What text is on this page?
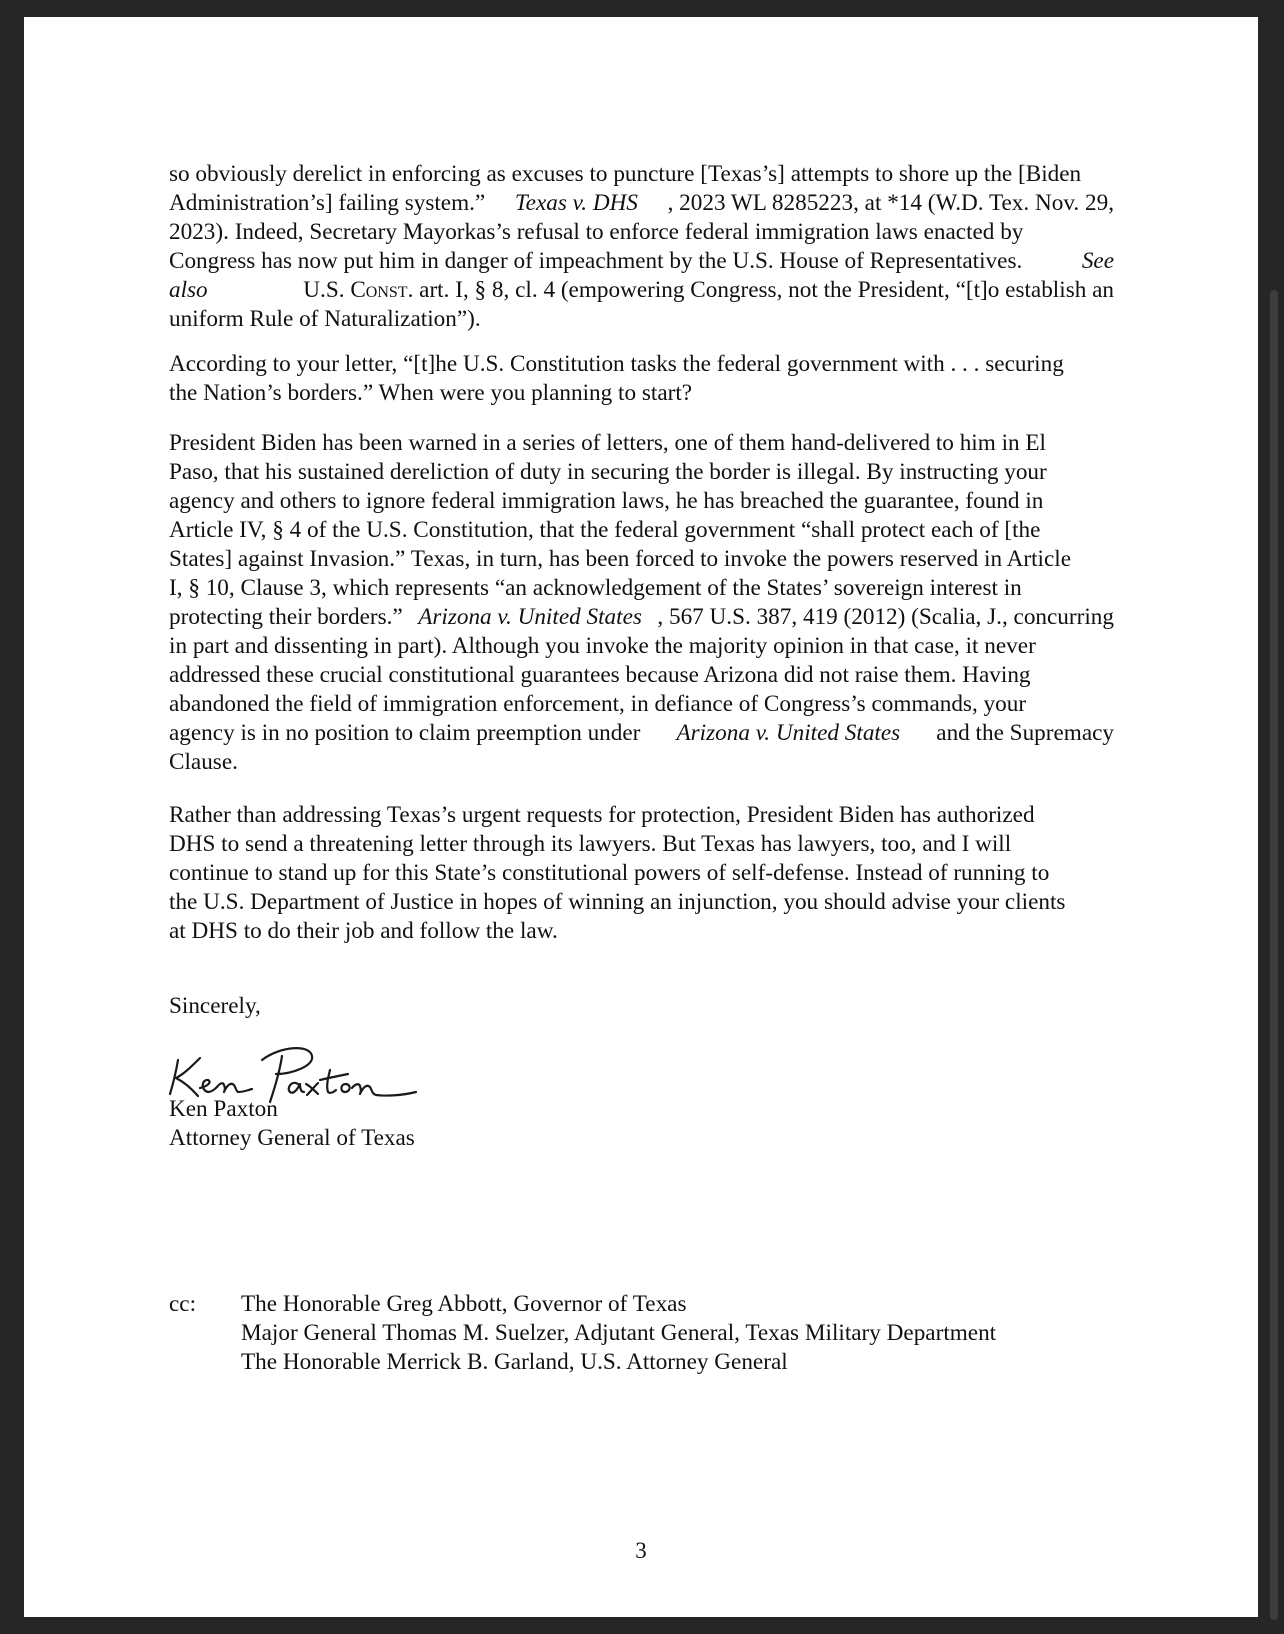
so obviously derelict in enforcing as excuses to puncture [Texas’s] attempts to shore up the [Biden
Administration’s] failing system.” Texas v. DHS , 2023 WL 8285223, at *14 (W.D. Tex. Nov. 29,
2023). Indeed, Secretary Mayorkas’s refusal to enforce federal immigration laws enacted by
Congress has now put him in danger of impeachment by the U.S. House of Representatives.	See
also	U.S. Const. art. I, § 8, cl. 4 (empowering Congress, not the President, “[t]o establish an
uniform Rule of Naturalization”).
According to your letter, “[t]he U.S. Constitution tasks the federal government with . . . securing
the Nation’s borders.” When were you planning to start?
President Biden has been warned in a series of letters, one of them hand-delivered to him in El
Paso, that his sustained dereliction of duty in securing the border is illegal. By instructing your
agency and others to ignore federal immigration laws, he has breached the guarantee, found in
Article IV, § 4 of the U.S. Constitution, that the federal government “shall protect each of [the
States] against Invasion.” Texas, in turn, has been forced to invoke the powers reserved in Article
I, § 10, Clause 3, which represents “an acknowledgement of the States’ sovereign interest in
protecting their borders.” Arizona v. United States , 567 U.S. 387, 419 (2012) (Scalia, J., concurring
in part and dissenting in part). Although you invoke the majority opinion in that case, it never
addressed these crucial constitutional guarantees because Arizona did not raise them. Having
abandoned the field of immigration enforcement, in defiance of Congress’s commands, your
agency is in no position to claim preemption under Arizona v. United States and the Supremacy
Clause.
Rather than addressing Texas’s urgent requests for protection, President Biden has authorized
DHS to send a threatening letter through its lawyers. But Texas has lawyers, too, and I will
continue to stand up for this State’s constitutional powers of self-defense. Instead of running to
the U.S. Department of Justice in hopes of winning an injunction, you should advise your clients
at DHS to do their job and follow the law.
Sincerely,
Ken Paxton
Attorney General of Texas
cc: The Honorable Greg Abbott, Governor of Texas
Major General Thomas M. Suelzer, Adjutant General, Texas Military Department
The Honorable Merrick B. Garland, U.S. Attorney General
3
